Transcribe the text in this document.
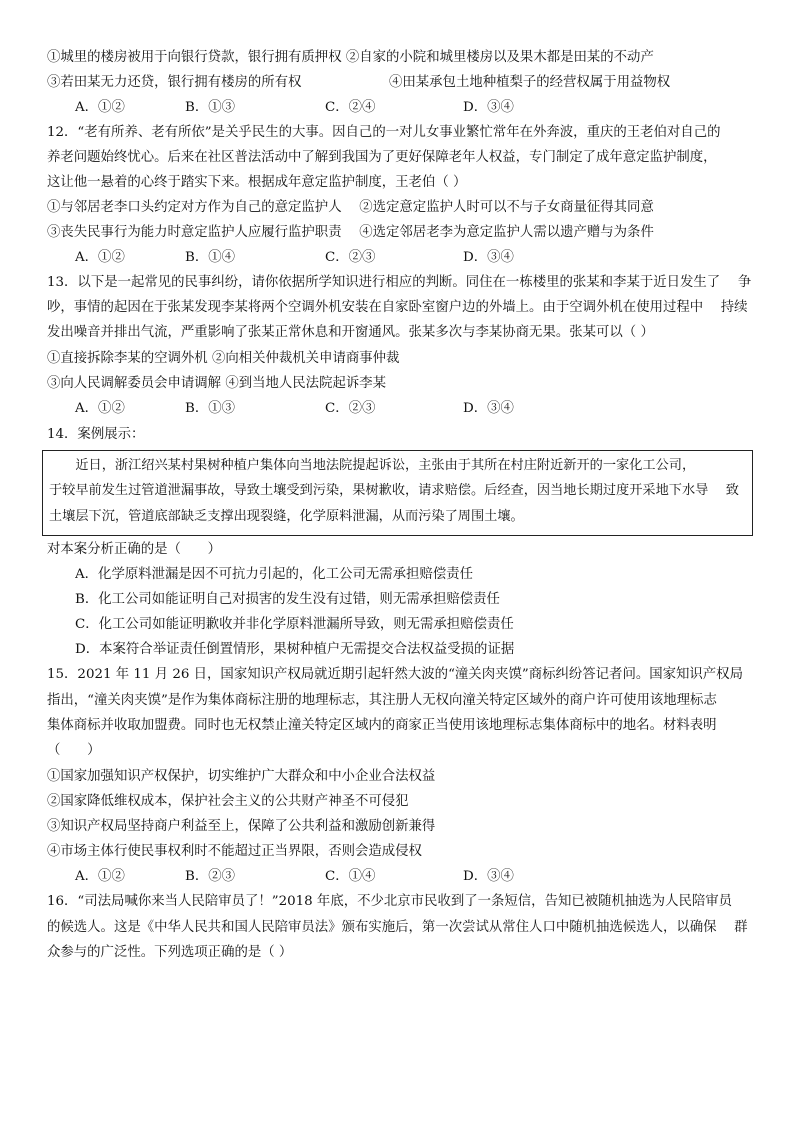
①城里的楼房被用于向银行贷款，银行拥有质押权 ②自家的小院和城里楼房以及果木都是田某的不动产
③若田某无力还贷，银行拥有楼房的所有权	④田某承包土地种植梨子的经营权属于用益物权
A．①②	B．①③	C．②④	D．③④
12．“老有所养、老有所依”是关乎民生的大事。因自己的一对儿女事业繁忙常年在外奔波，重庆的王老伯对自己的
养老问题始终忧心。后来在社区普法活动中了解到我国为了更好保障老年人权益，专门制定了成年意定监护制度，
这让他一悬着的心终于踏实下来。根据成年意定监护制度，王老伯（ ）
①与邻居老李口头约定对方作为自己的意定监护人　 ②选定意定监护人时可以不与子女商量征得其同意
③丧失民事行为能力时意定监护人应履行监护职责　 ④选定邻居老李为意定监护人需以遗产赠与为条件
A．①②	B．①④	C．②③	D．③④
13．以下是一起常见的民事纠纷，请你依据所学知识进行相应的判断。同住在一栋楼里的张某和李某于近日发生了　 争
吵，事情的起因在于张某发现李某将两个空调外机安装在自家卧室窗户边的外墙上。由于空调外机在使用过程中　 持续
发出噪音并排出气流，严重影响了张某正常休息和开窗通风。张某多次与李某协商无果。张某可以（ ）
①直接拆除李某的空调外机 ②向相关仲裁机关申请商事仲裁
③向人民调解委员会申请调解 ④到当地人民法院起诉李某
A．①②	B．①③	C．②③	D．③④
14．案例展示：
　　近日，浙江绍兴某村果树种植户集体向当地法院提起诉讼，主张由于其所在村庄附近新开的一家化工公司，
于较早前发生过管道泄漏事故，导致土壤受到污染，果树歉收，请求赔偿。后经查，因当地长期过度开采地下水导　 致
土壤层下沉，管道底部缺乏支撑出现裂缝，化学原料泄漏，从而污染了周围土壤。
对本案分析正确的是（　　）
A．化学原料泄漏是因不可抗力引起的，化工公司无需承担赔偿责任
B．化工公司如能证明自己对损害的发生没有过错，则无需承担赔偿责任
C．化工公司如能证明歉收并非化学原料泄漏所导致，则无需承担赔偿责任
D．本案符合举证责任倒置情形，果树种植户无需提交合法权益受损的证据
15．2021 年 11 月 26 日，国家知识产权局就近期引起轩然大波的“潼关肉夹馍”商标纠纷答记者问。国家知识产权局
指出，“潼关肉夹馍”是作为集体商标注册的地理标志，其注册人无权向潼关特定区域外的商户许可使用该地理标志
集体商标并收取加盟费。同时也无权禁止潼关特定区域内的商家正当使用该地理标志集体商标中的地名。材料表明
（　　）
①国家加强知识产权保护，切实维护广大群众和中小企业合法权益
②国家降低维权成本，保护社会主义的公共财产神圣不可侵犯
③知识产权局坚持商户利益至上，保障了公共利益和激励创新兼得
④市场主体行使民事权利时不能超过正当界限，否则会造成侵权
A．①②	B．②③	C．①④	D．③④
16．“司法局喊你来当人民陪审员了！”2018 年底，不少北京市民收到了一条短信，告知已被随机抽选为人民陪审员
的候选人。这是《中华人民共和国人民陪审员法》颁布实施后，第一次尝试从常住人口中随机抽选候选人，以确保　 群
众参与的广泛性。下列选项正确的是（ ）
